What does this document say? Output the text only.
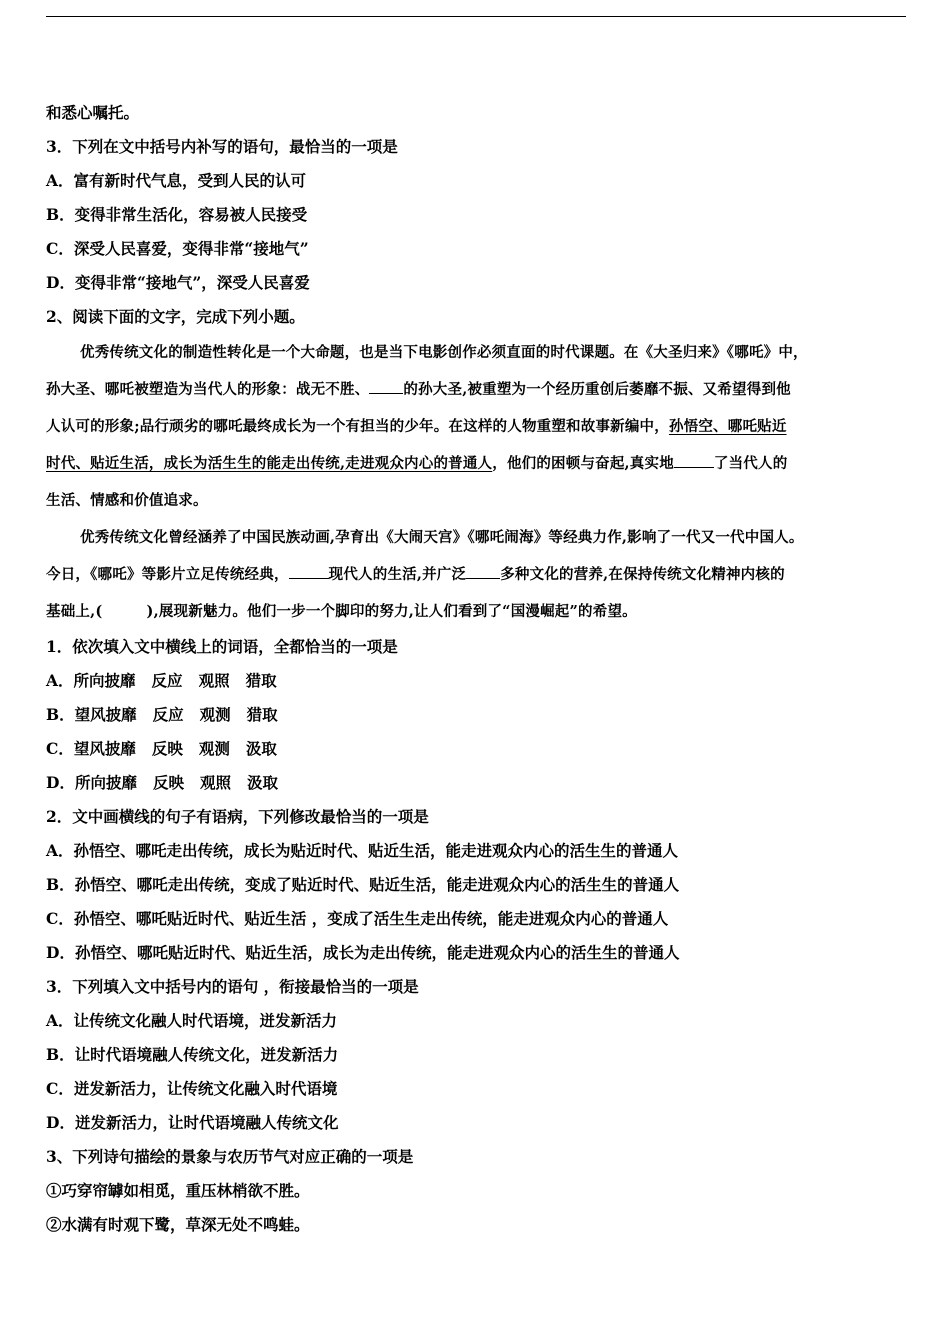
和悉心嘱托。
3．下列在文中括号内补写的语句，最恰当的一项是
A．富有新时代气息，受到人民的认可
B．变得非常生活化，容易被人民接受
C．深受人民喜爱，变得非常“接地气”
D．变得非常“接地气”，深受人民喜爱
2、阅读下面的文字，完成下列小题。
优秀传统文化的制造性转化是一个大命题，也是当下电影创作必须直面的时代课题。在《大圣归来》《哪吒》中，
孙大圣、哪吒被塑造为当代人的形象：战无不胜、 的孙大圣,被重塑为一个经历重创后萎靡不振、又希望得到他
人认可的形象;品行顽劣的哪吒最终成长为一个有担当的少年。在这样的人物重塑和故事新编中，孙悟空、哪吒贴近
时代、贴近生活，成长为活生生的能走出传统,走进观众内心的普通人，他们的困顿与奋起,真实地	了当代人的
生活、情感和价值追求。
优秀传统文化曾经涵养了中国民族动画,孕育出《大闹天宫》《哪吒闹海》等经典力作,影响了一代又一代中国人。
今日，《哪吒》等影片立足传统经典，	现代人的生活,并广泛 多种文化的营养,在保持传统文化精神内核的
基础上,(　　　),展现新魅力。他们一步一个脚印的努力,让人们看到了“国漫崛起”的希望。
1．依次填入文中横线上的词语，全都恰当的一项是
A．所向披靡 反应 观照 猎取
B．望风披靡 反应 观测 猎取
C．望风披靡 反映 观测 汲取
D．所向披靡 反映 观照 汲取
2．文中画横线的句子有语病，下列修改最恰当的一项是
A．孙悟空、哪吒走出传统，成长为贴近时代、贴近生活，能走进观众内心的活生生的普通人
B．孙悟空、哪吒走出传统，变成了贴近时代、贴近生活，能走进观众内心的活生生的普通人
C．孙悟空、哪吒贴近时代、贴近生活 ，变成了活生生走出传统，能走进观众内心的普通人
D．孙悟空、哪吒贴近时代、贴近生活，成长为走出传统，能走进观众内心的活生生的普通人
3．下列填入文中括号内的语句 ，衔接最恰当的一项是
A．让传统文化融人时代语境，迸发新活力
B．让时代语境融人传统文化，迸发新活力
C．迸发新活力，让传统文化融入时代语境
D．迸发新活力，让时代语境融人传统文化
3、下列诗句描绘的景象与农历节气对应正确的一项是
①巧穿帘罅如相觅，重压林梢欲不胜。
②水满有时观下鹭，草深无处不鸣蛙。
